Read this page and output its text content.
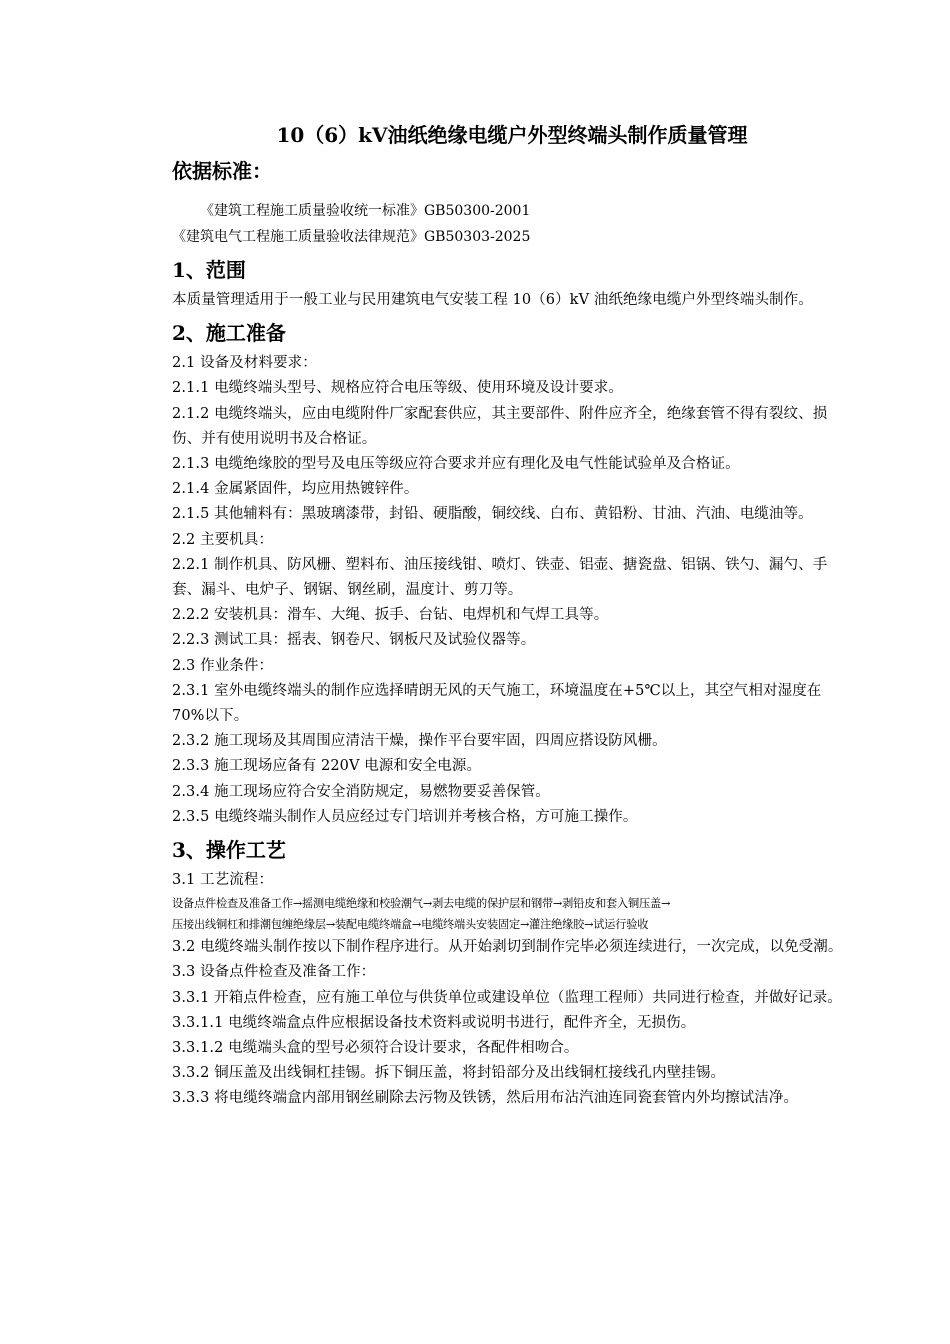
10（6）kV油纸绝缘电缆户外型终端头制作质量管理
依据标准：
《建筑工程施工质量验收统一标准》GB50300-2001
《建筑电气工程施工质量验收法律规范》GB50303-2025
1、范围

本质量管理适用于一般工业与民用建筑电气安装工程 10（6）kV 油纸绝缘电缆户外型终端头制作。

2、施工准备

2.1 设备及材料要求：

2.1.1 电缆终端头型号、规格应符合电压等级、使用环境及设计要求。

2.1.2 电缆终端头，应由电缆附件厂家配套供应，其主要部件、附件应齐全，绝缘套管不得有裂纹、损伤、并有使用说明书及合格证。

2.1.3 电缆绝缘胶的型号及电压等级应符合要求并应有理化及电气性能试验单及合格证。

2.1.4 金属紧固件，均应用热镀锌件。

2.1.5 其他辅料有：黑玻璃漆带，封铅、硬脂酸，铜绞线、白布、黄铅粉、甘油、汽油、电缆油等。

2.2 主要机具：

2.2.1 制作机具、防风栅、塑料布、油压接线钳、喷灯、铁壶、铝壶、搪瓷盘、铝锅、铁勺、漏勺、手套、漏斗、电炉子、钢锯、钢丝刷，温度计、剪刀等。

2.2.2 安装机具：滑车、大绳、扳手、台钻、电焊机和气焊工具等。

2.2.3 测试工具：摇表、钢卷尺、钢板尺及试验仪器等。

2.3 作业条件：

2.3.1 室外电缆终端头的制作应选择晴朗无风的天气施工，环境温度在+5℃以上，其空气相对湿度在 70%以下。

2.3.2 施工现场及其周围应清洁干燥，操作平台要牢固，四周应搭设防风栅。

2.3.3 施工现场应备有 220V 电源和安全电源。

2.3.4 施工现场应符合安全消防规定，易燃物要妥善保管。

2.3.5 电缆终端头制作人员应经过专门培训并考核合格，方可施工操作。

3、操作工艺

3.1 工艺流程：

设备点件检查及准备工作→摇测电缆绝缘和校验潮气→剥去电缆的保护层和钢带→剥铅皮和套入铜压盖→

压接出线铜杠和排潮包缠绝缘层→装配电缆终端盒→电缆终端头安装固定→灌注绝缘胶→试运行验收

3.2 电缆终端头制作按以下制作程序进行。从开始剥切到制作完毕必须连续进行，一次完成，以免受潮。

3.3 设备点件检查及准备工作：

3.3.1 开箱点件检查，应有施工单位与供货单位或建设单位（监理工程师）共同进行检查，并做好记录。

3.3.1.1 电缆终端盒点件应根据设备技术资料或说明书进行，配件齐全，无损伤。

3.3.1.2 电缆端头盒的型号必须符合设计要求，各配件相吻合。

3.3.2 铜压盖及出线铜杠挂锡。拆下铜压盖，将封铅部分及出线铜杠接线孔内壁挂锡。

3.3.3 将电缆终端盒内部用钢丝刷除去污物及铁锈，然后用布沾汽油连同瓷套管内外均擦试洁净。
